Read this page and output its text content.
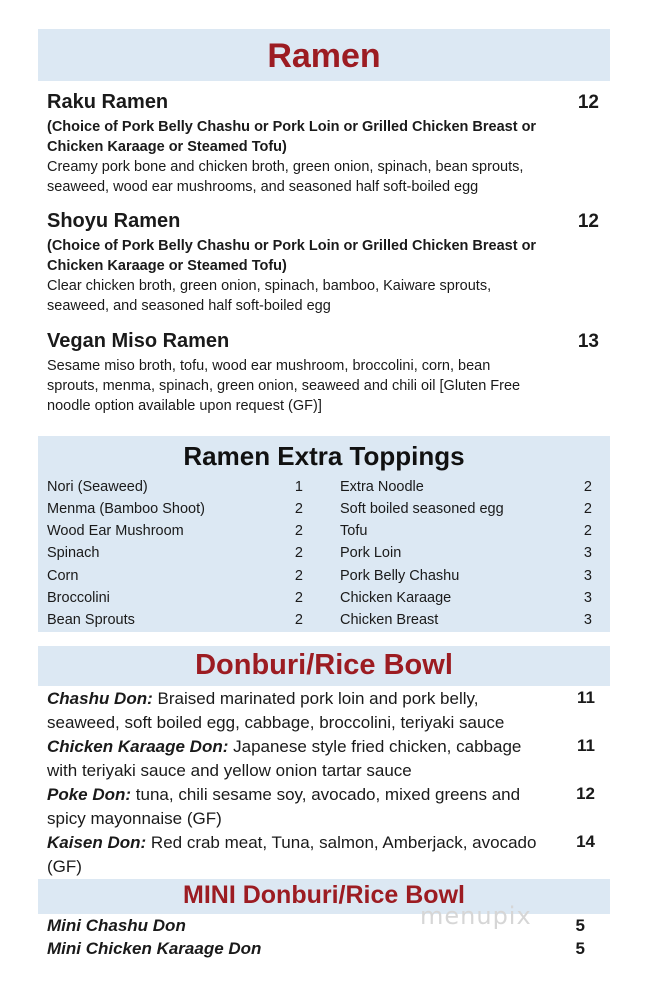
Ramen
Raku Ramen	12
(Choice of Pork Belly Chashu or Pork Loin or Grilled Chicken Breast or
Chicken Karaage or Steamed Tofu)
Creamy pork bone and chicken broth, green onion, spinach, bean sprouts,
seaweed, wood ear mushrooms, and seasoned half soft-boiled egg
Shoyu Ramen	12
(Choice of Pork Belly Chashu or Pork Loin or Grilled Chicken Breast or
Chicken Karaage or Steamed Tofu)
Clear chicken broth, green onion, spinach, bamboo, Kaiware sprouts,
seaweed, and seasoned half soft-boiled egg
Vegan Miso Ramen	13
Sesame miso broth, tofu, wood ear mushroom, broccolini, corn, bean
sprouts, menma, spinach, green onion, seaweed and chili oil [Gluten Free
noodle option available upon request (GF)]
Ramen Extra Toppings
Nori (Seaweed)	1
Menma (Bamboo Shoot)	2
Wood Ear Mushroom	2
Spinach	2
Corn	2
Broccolini	2
Bean Sprouts	2
Extra Noodle	2
Soft boiled seasoned egg	2
Tofu	2
Pork Loin	3
Pork Belly Chashu	3
Chicken Karaage	3
Chicken Breast	3
Donburi/Rice Bowl
Chashu Don: Braised marinated pork loin and pork belly,
seaweed, soft boiled egg, cabbage, broccolini, teriyaki sauce
11
Chicken Karaage Don: Japanese style fried chicken, cabbage
with teriyaki sauce and yellow onion tartar sauce
11
Poke Don: tuna, chili sesame soy, avocado, mixed greens and
spicy mayonnaise (GF)
12
Kaisen Don: Red crab meat, Tuna, salmon, Amberjack, avocado
(GF)
14
MINI Donburi/Rice Bowl
menupix
Mini Chashu Don	5
Mini Chicken Karaage Don	5
